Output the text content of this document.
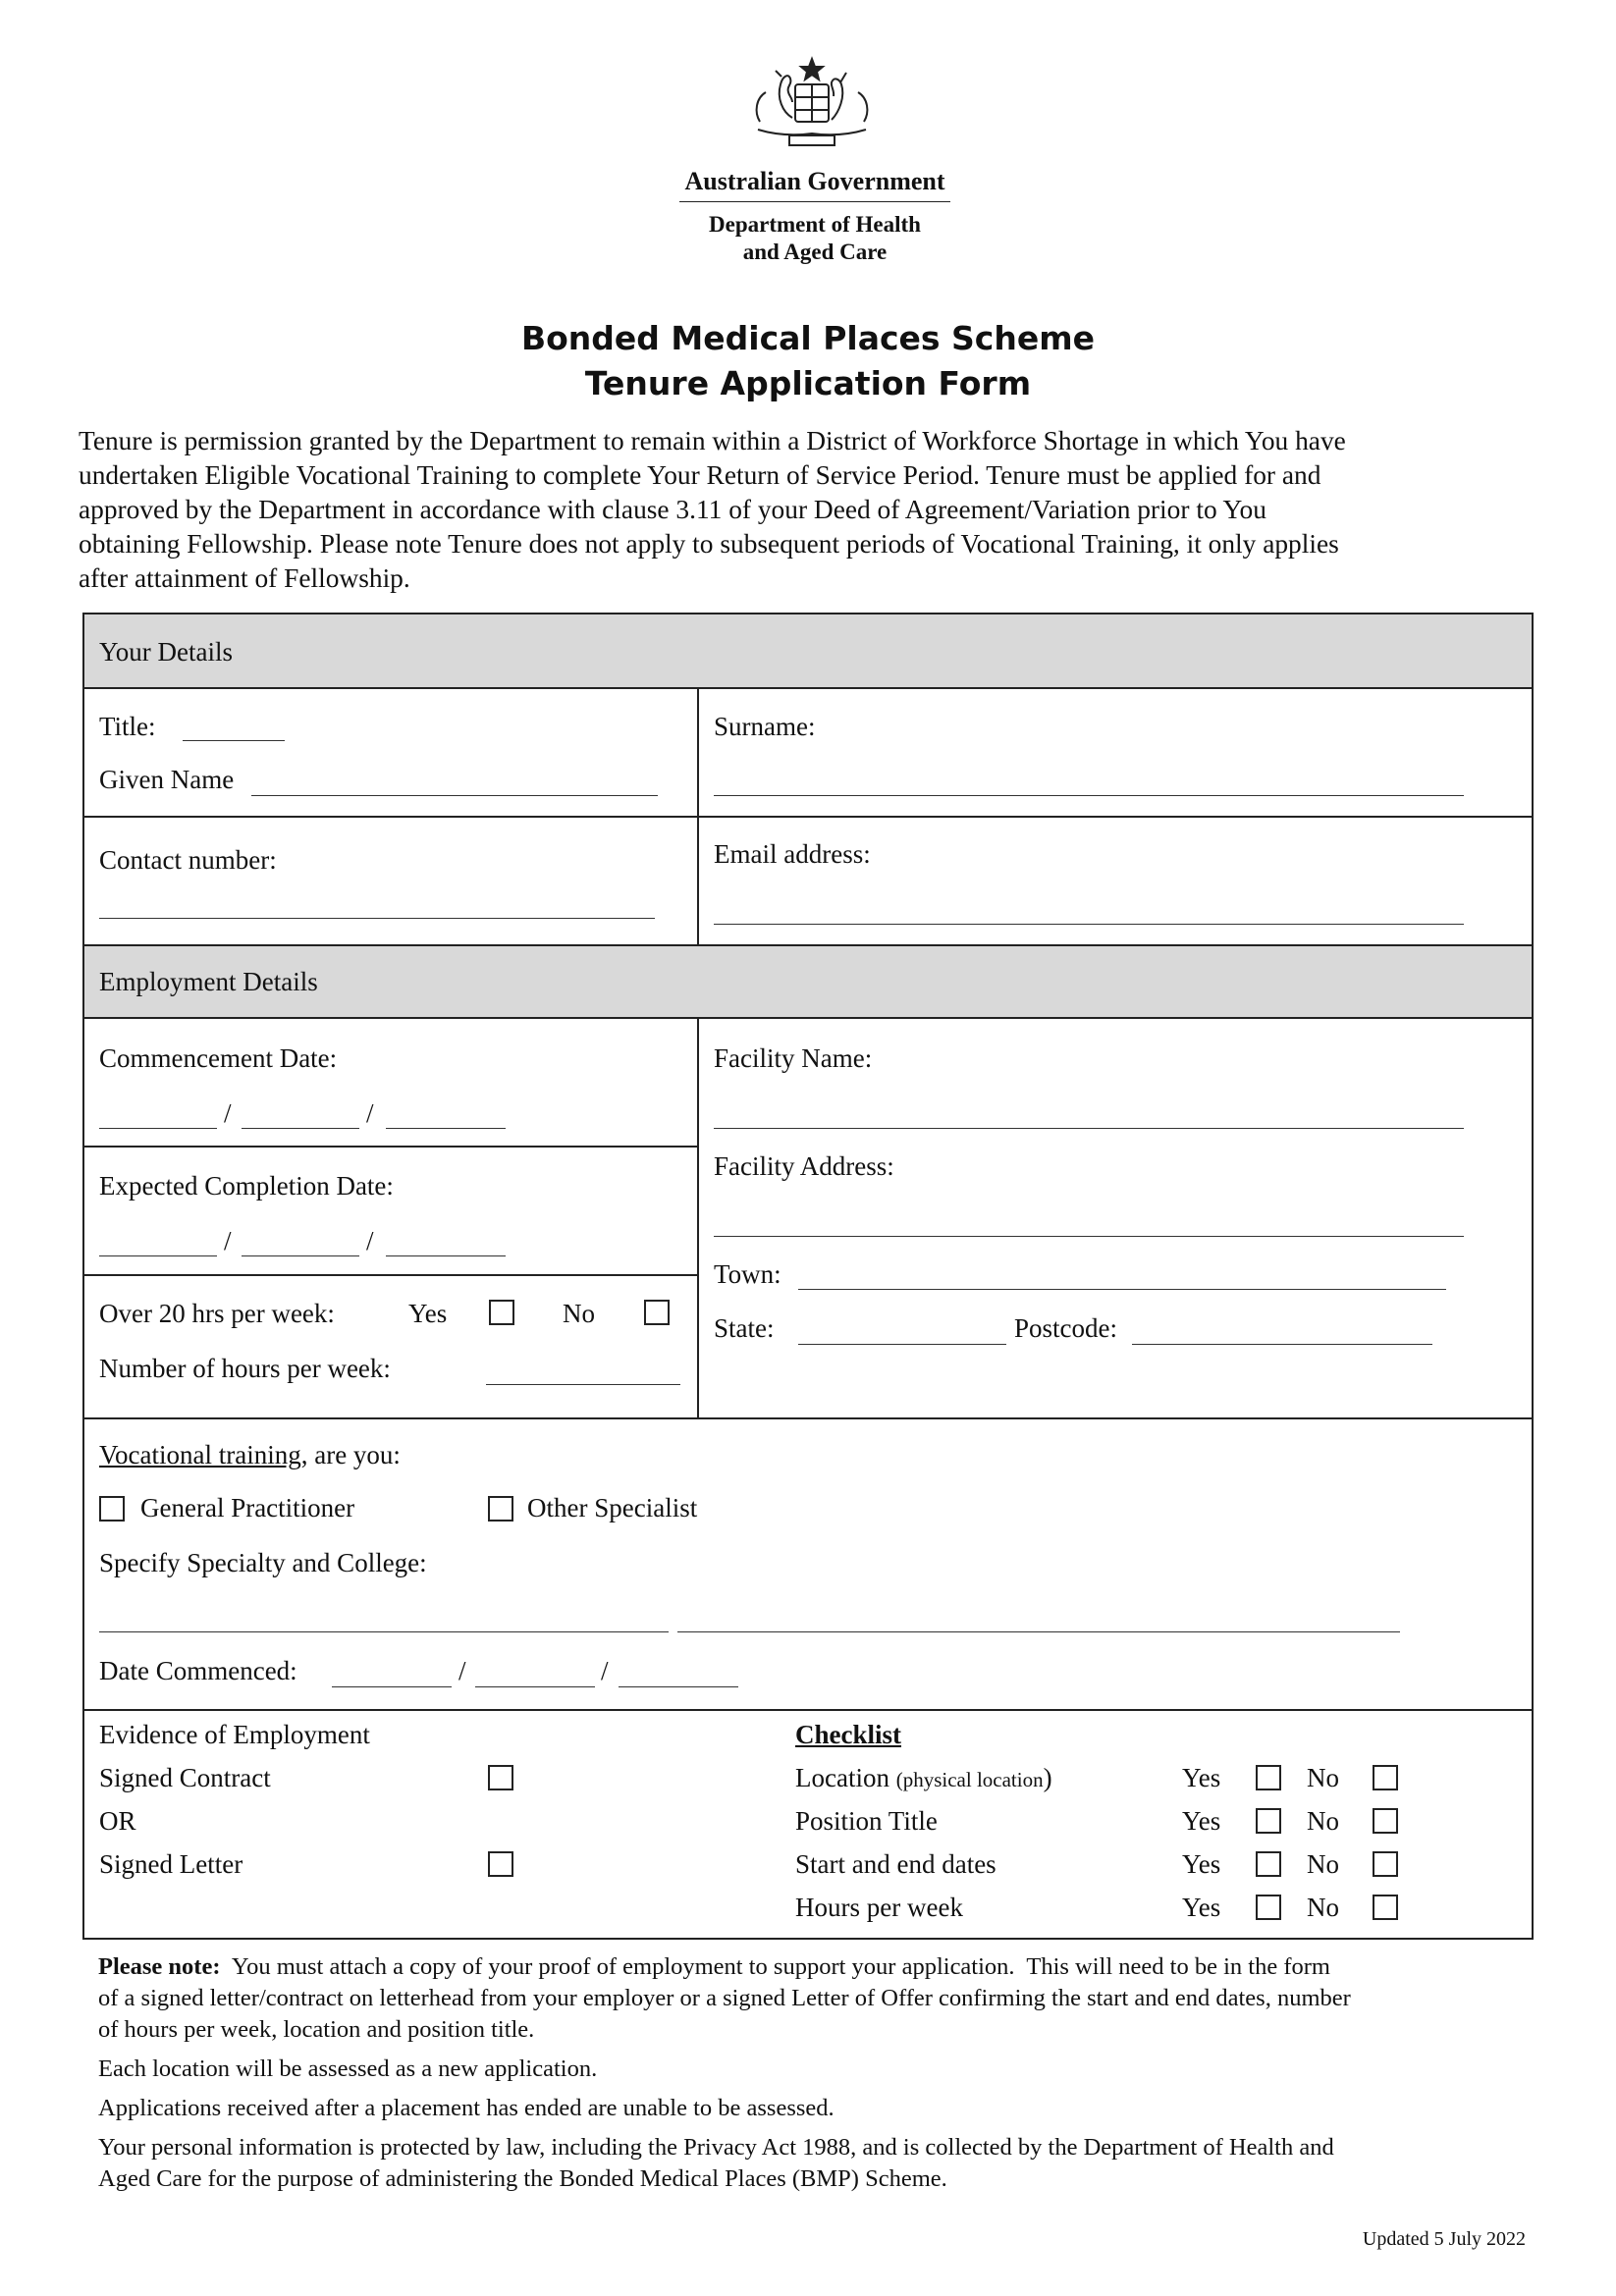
Australian Government
Department of Health
and Aged Care
Bonded Medical Places Scheme
Tenure Application Form
Tenure is permission granted by the Department to remain within a District of Workforce Shortage in which You have
undertaken Eligible Vocational Training to complete Your Return of Service Period. Tenure must be applied for and
approved by the Department in accordance with clause 3.11 of your Deed of Agreement/Variation prior to You
obtaining Fellowship. Please note Tenure does not apply to subsequent periods of Vocational Training, it only applies
after attainment of Fellowship.
Your Details
Title:
Given Name
Surname:
Contact number:	Email address:
Employment Details
Commencement Date:
/	/
Expected Completion Date:
/	/
Over 20 hrs per week:	Yes	No
Number of hours per week:
Facility Name:
Facility Address:
Town:
State:	Postcode:
Vocational training, are you:
General Practitioner	Other Specialist
Specify Specialty and College:
Date Commenced:	/	/
Evidence of Employment
Signed Contract
OR
Signed Letter
Checklist
Location (physical location)	Yes	No
Position Title	Yes	No
Start and end dates	Yes	No
Hours per week	Yes	No
Please note:  You must attach a copy of your proof of employment to support your application.  This will need to be in the form
of a signed letter/contract on letterhead from your employer or a signed Letter of Offer confirming the start and end dates, number
of hours per week, location and position title.
Each location will be assessed as a new application.
Applications received after a placement has ended are unable to be assessed.
Your personal information is protected by law, including the Privacy Act 1988, and is collected by the Department of Health and
Aged Care for the purpose of administering the Bonded Medical Places (BMP) Scheme.
Updated 5 July 2022
